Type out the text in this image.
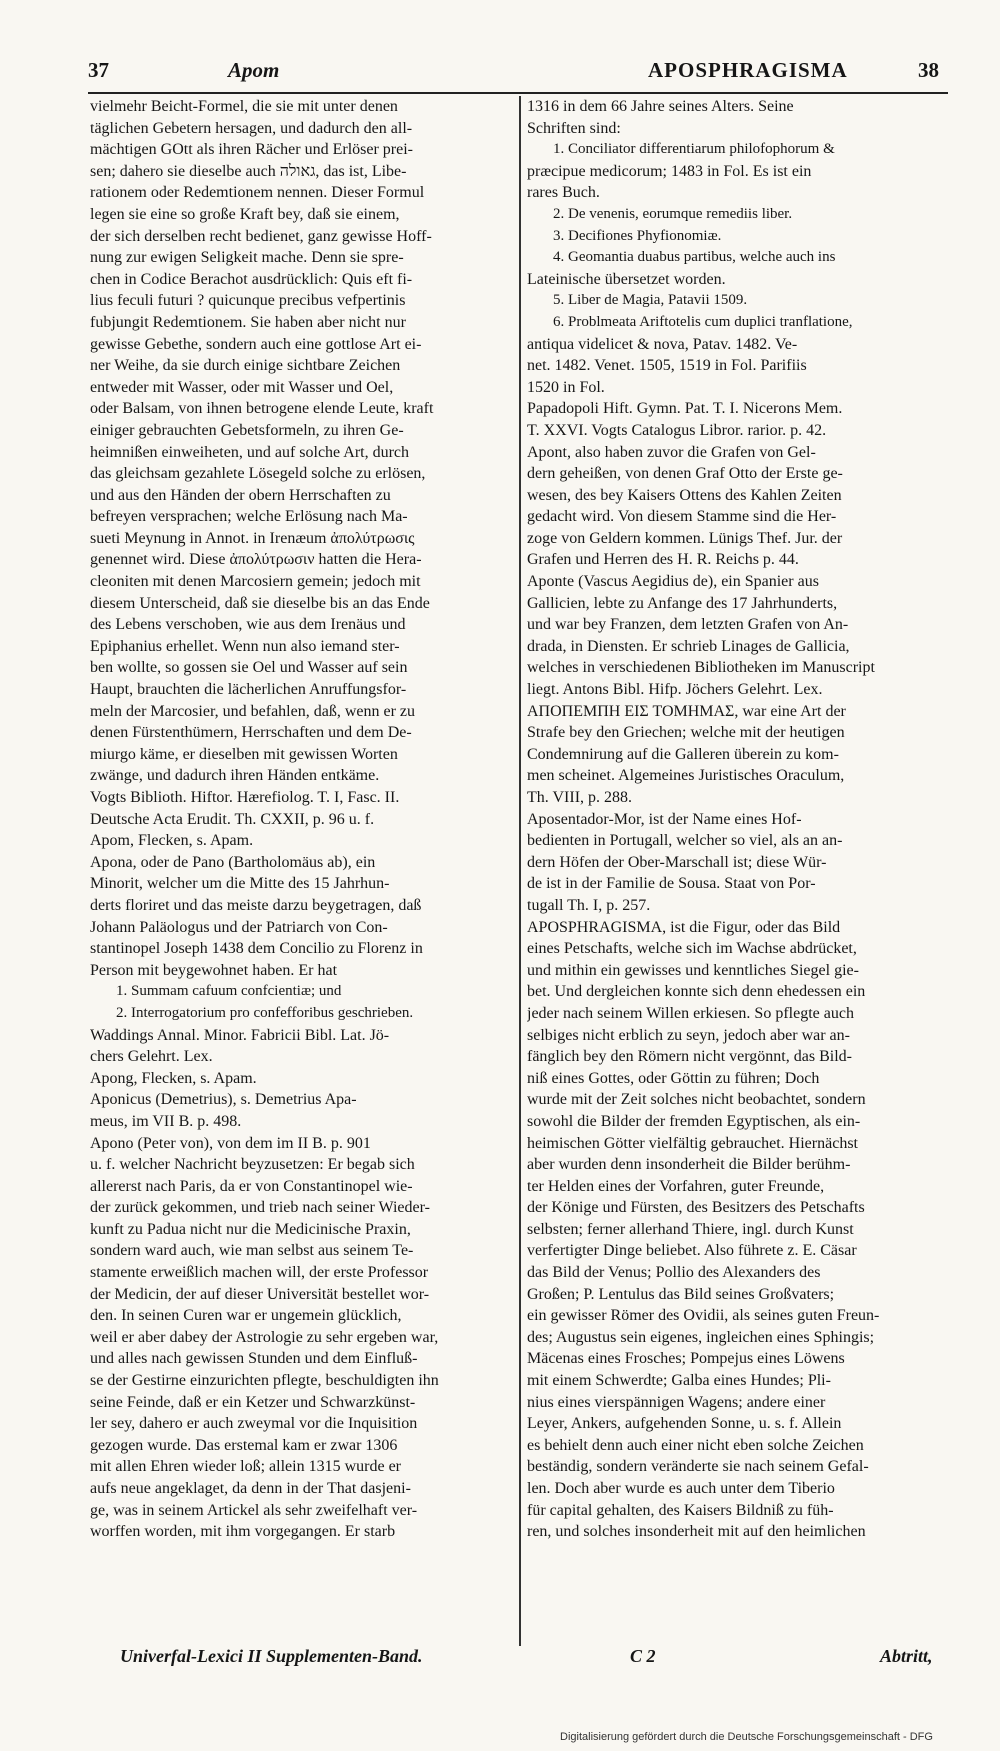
37	Apom	APOSPHRAGISMA	38
vielmehr Beicht-Formel, die sie mit unter denen
täglichen Gebetern hersagen, und dadurch den all-
mächtigen GOtt als ihren Rächer und Erlöser prei-
sen; dahero sie dieselbe auch גאולה, das ist, Libe-
rationem oder Redemtionem nennen. Dieser Formul
legen sie eine so große Kraft bey, daß sie einem,
der sich derselben recht bedienet, ganz gewisse Hoff-
nung zur ewigen Seligkeit mache. Denn sie spre-
chen in Codice Berachot ausdrücklich: Quis eft fi-
lius feculi futuri ? quicunque precibus vefpertinis
fubjungit Redemtionem. Sie haben aber nicht nur
gewisse Gebethe, sondern auch eine gottlose Art ei-
ner Weihe, da sie durch einige sichtbare Zeichen
entweder mit Wasser, oder mit Wasser und Oel,
oder Balsam, von ihnen betrogene elende Leute, kraft
einiger gebrauchten Gebetsformeln, zu ihren Ge-
heimnißen einweiheten, und auf solche Art, durch
das gleichsam gezahlete Lösegeld solche zu erlösen,
und aus den Händen der obern Herrschaften zu
befreyen versprachen; welche Erlösung nach Ma-
sueti Meynung in Annot. in Irenæum ἀπολύτρωσις
genennet wird. Diese ἀπολύτρωσιν hatten die Hera-
cleoniten mit denen Marcosiern gemein; jedoch mit
diesem Unterscheid, daß sie dieselbe bis an das Ende
des Lebens verschoben, wie aus dem Irenäus und
Epiphanius erhellet. Wenn nun also iemand ster-
ben wollte, so gossen sie Oel und Wasser auf sein
Haupt, brauchten die lächerlichen Anruffungsfor-
meln der Marcosier, und befahlen, daß, wenn er zu
denen Fürstenthümern, Herrschaften und dem De-
miurgo käme, er dieselben mit gewissen Worten
zwänge, und dadurch ihren Händen entkäme.
Vogts Biblioth. Hiftor. Hærefiolog. T. I, Fasc. II.
Deutsche Acta Erudit. Th. CXXII, p. 96 u. f.
Apom, Flecken, s. Apam.
Apona, oder de Pano (Bartholomäus ab), ein
Minorit, welcher um die Mitte des 15 Jahrhun-
derts floriret und das meiste darzu beygetragen, daß
Johann Paläologus und der Patriarch von Con-
stantinopel Joseph 1438 dem Concilio zu Florenz in
Person mit beygewohnet haben. Er hat
1. Summam cafuum confcientiæ; und
2. Interrogatorium pro confefforibus geschrieben.
Waddings Annal. Minor. Fabricii Bibl. Lat. Jö-
chers Gelehrt. Lex.
Apong, Flecken, s. Apam.
Aponicus (Demetrius), s. Demetrius Apa-
meus, im VII B. p. 498.
Apono (Peter von), von dem im II B. p. 901
u. f. welcher Nachricht beyzusetzen: Er begab sich
allererst nach Paris, da er von Constantinopel wie-
der zurück gekommen, und trieb nach seiner Wieder-
kunft zu Padua nicht nur die Medicinische Praxin,
sondern ward auch, wie man selbst aus seinem Te-
stamente erweißlich machen will, der erste Professor
der Medicin, der auf dieser Universität bestellet wor-
den. In seinen Curen war er ungemein glücklich,
weil er aber dabey der Astrologie zu sehr ergeben war,
und alles nach gewissen Stunden und dem Einfluß-
se der Gestirne einzurichten pflegte, beschuldigten ihn
seine Feinde, daß er ein Ketzer und Schwarzkünst-
ler sey, dahero er auch zweymal vor die Inquisition
gezogen wurde. Das erstemal kam er zwar 1306
mit allen Ehren wieder loß; allein 1315 wurde er
aufs neue angeklaget, da denn in der That dasjeni-
ge, was in seinem Artickel als sehr zweifelhaft ver-
worffen worden, mit ihm vorgegangen. Er starb
1316 in dem 66 Jahre seines Alters. Seine
Schriften sind:
1. Conciliator differentiarum philofophorum &
præcipue medicorum; 1483 in Fol. Es ist ein
rares Buch.
2. De venenis, eorumque remediis liber.
3. Decifiones Phyfionomiæ.
4. Geomantia duabus partibus, welche auch ins
Lateinische übersetzet worden.
5. Liber de Magia, Patavii 1509.
6. Problmeata Ariftotelis cum duplici tranflatione,
antiqua videlicet & nova, Patav. 1482. Ve-
net. 1482. Venet. 1505, 1519 in Fol. Parifiis
1520 in Fol.
Papadopoli Hift. Gymn. Pat. T. I. Nicerons Mem.
T. XXVI. Vogts Catalogus Libror. rarior. p. 42.
Apont, also haben zuvor die Grafen von Gel-
dern geheißen, von denen Graf Otto der Erste ge-
wesen, des bey Kaisers Ottens des Kahlen Zeiten
gedacht wird. Von diesem Stamme sind die Her-
zoge von Geldern kommen. Lünigs Thef. Jur. der
Grafen und Herren des H. R. Reichs p. 44.
Aponte (Vascus Aegidius de), ein Spanier aus
Gallicien, lebte zu Anfange des 17 Jahrhunderts,
und war bey Franzen, dem letzten Grafen von An-
drada, in Diensten. Er schrieb Linages de Gallicia,
welches in verschiedenen Bibliotheken im Manuscript
liegt. Antons Bibl. Hifp. Jöchers Gelehrt. Lex.
ΑΠΟΠΕΜΠΗ ΕΙΣ ΤΟΜΗΜΑΣ, war eine Art der
Strafe bey den Griechen; welche mit der heutigen
Condemnirung auf die Galleren überein zu kom-
men scheinet. Algemeines Juristisches Oraculum,
Th. VIII, p. 288.
Aposentador-Mor, ist der Name eines Hof-
bedienten in Portugall, welcher so viel, als an an-
dern Höfen der Ober-Marschall ist; diese Wür-
de ist in der Familie de Sousa. Staat von Por-
tugall Th. I, p. 257.
APOSPHRAGISMA, ist die Figur, oder das Bild
eines Petschafts, welche sich im Wachse abdrücket,
und mithin ein gewisses und kenntliches Siegel gie-
bet. Und dergleichen konnte sich denn ehedessen ein
jeder nach seinem Willen erkiesen. So pflegte auch
selbiges nicht erblich zu seyn, jedoch aber war an-
fänglich bey den Römern nicht vergönnt, das Bild-
niß eines Gottes, oder Göttin zu führen; Doch
wurde mit der Zeit solches nicht beobachtet, sondern
sowohl die Bilder der fremden Egyptischen, als ein-
heimischen Götter vielfältig gebrauchet. Hiernächst
aber wurden denn insonderheit die Bilder berühm-
ter Helden eines der Vorfahren, guter Freunde,
der Könige und Fürsten, des Besitzers des Petschafts
selbsten; ferner allerhand Thiere, ingl. durch Kunst
verfertigter Dinge beliebet. Also führete z. E. Cäsar
das Bild der Venus; Pollio des Alexanders des
Großen; P. Lentulus das Bild seines Großvaters;
ein gewisser Römer des Ovidii, als seines guten Freun-
des; Augustus sein eigenes, ingleichen eines Sphingis;
Mäcenas eines Frosches; Pompejus eines Löwens
mit einem Schwerdte; Galba eines Hundes; Pli-
nius eines vierspännigen Wagens; andere einer
Leyer, Ankers, aufgehenden Sonne, u. s. f. Allein
es behielt denn auch einer nicht eben solche Zeichen
beständig, sondern veränderte sie nach seinem Gefal-
len. Doch aber wurde es auch unter dem Tiberio
für capital gehalten, des Kaisers Bildniß zu füh-
ren, und solches insonderheit mit auf den heimlichen
Univerfal-Lexici II Supplementen-Band.	C 2	Abtritt,
Digitalisierung gefördert durch die Deutsche Forschungsgemeinschaft - DFG
